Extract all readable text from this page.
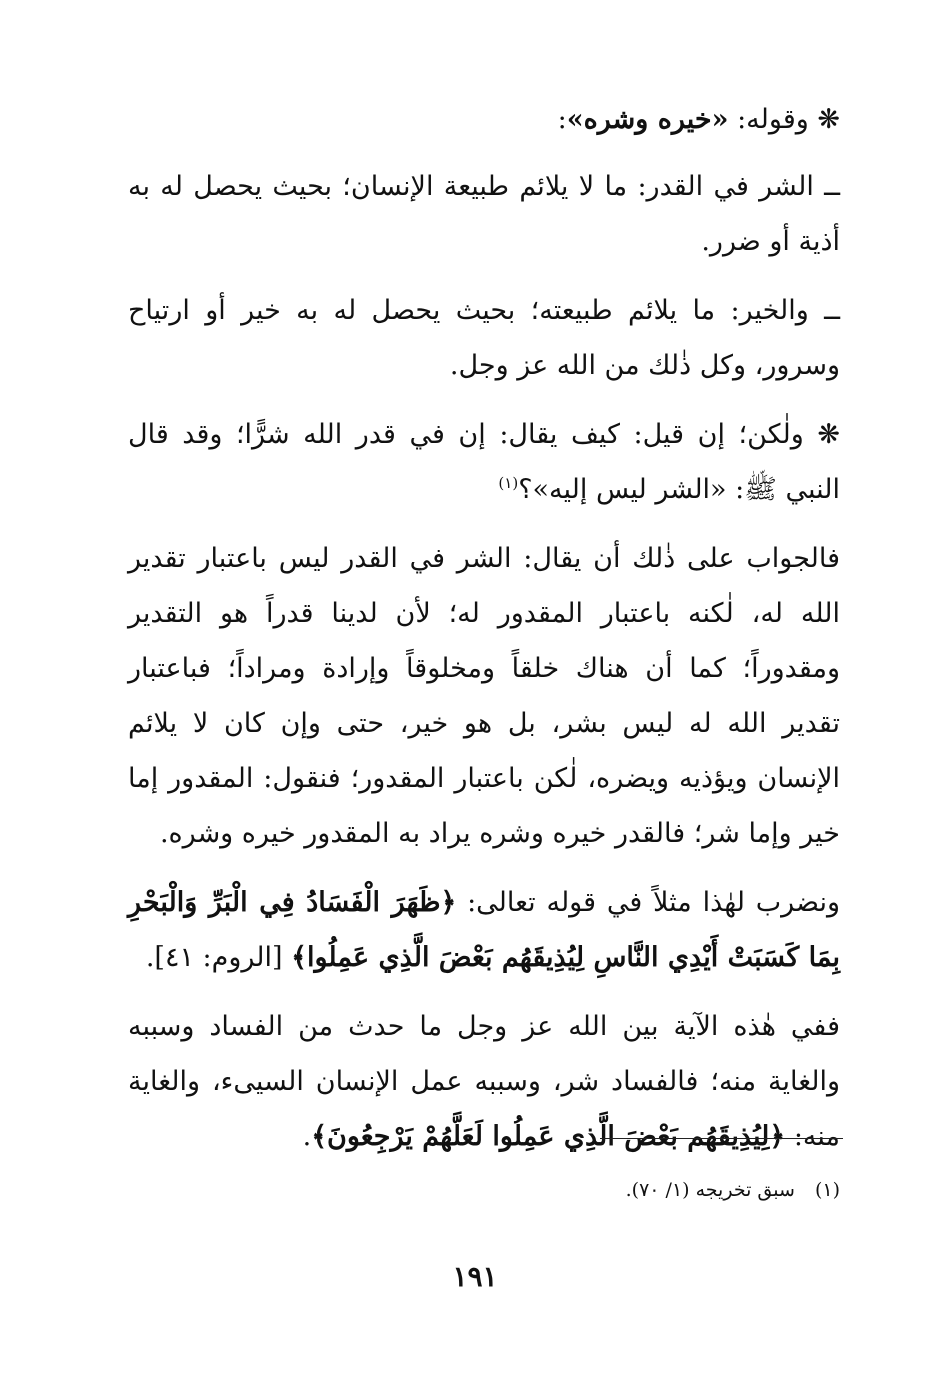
❋ وقوله: «خيره وشره»:

ــ الشر في القدر: ما لا يلائم طبيعة الإنسان؛ بحيث يحصل له به أذية أو ضرر.

ــ والخير: ما يلائم طبيعته؛ بحيث يحصل له به خير أو ارتياح وسرور، وكل ذٰلك من الله عز وجل.

❋ ولٰكن؛ إن قيل: كيف يقال: إن في قدر الله شرًّا؛ وقد قال النبي ﷺ: «الشر ليس إليه»؟$^{(١)}$

فالجواب على ذٰلك أن يقال: الشر في القدر ليس باعتبار تقدير الله له، لٰكنه باعتبار المقدور له؛ لأن لدينا قدراً هو التقدير ومقدوراً؛ كما أن هناك خلقاً ومخلوقاً وإرادة ومراداً؛ فباعتبار تقدير الله له ليس بشر، بل هو خير، حتى وإن كان لا يلائم الإنسان ويؤذيه ويضره، لٰكن باعتبار المقدور؛ فنقول: المقدور إما خير وإما شر؛ فالقدر خيره وشره يراد به المقدور خيره وشره.

ونضرب لهٰذا مثلاً في قوله تعالى: ﴿ظَهَرَ الْفَسَادُ فِي الْبَرِّ وَالْبَحْرِ بِمَا كَسَبَتْ أَيْدِي النَّاسِ لِيُذِيقَهُم بَعْضَ الَّذِي عَمِلُوا﴾ [الروم: ٤١].

ففي هٰذه الآية بين الله عز وجل ما حدث من الفساد وسببه والغاية منه؛ فالفساد شر، وسببه عمل الإنسان السيىء، والغاية منه: ﴿لِيُذِيقَهُم بَعْضَ الَّذِي عَمِلُوا لَعَلَّهُمْ يَرْجِعُونَ﴾.

(١)سبق تخريجه (١/ ٧٠).
١٩١
